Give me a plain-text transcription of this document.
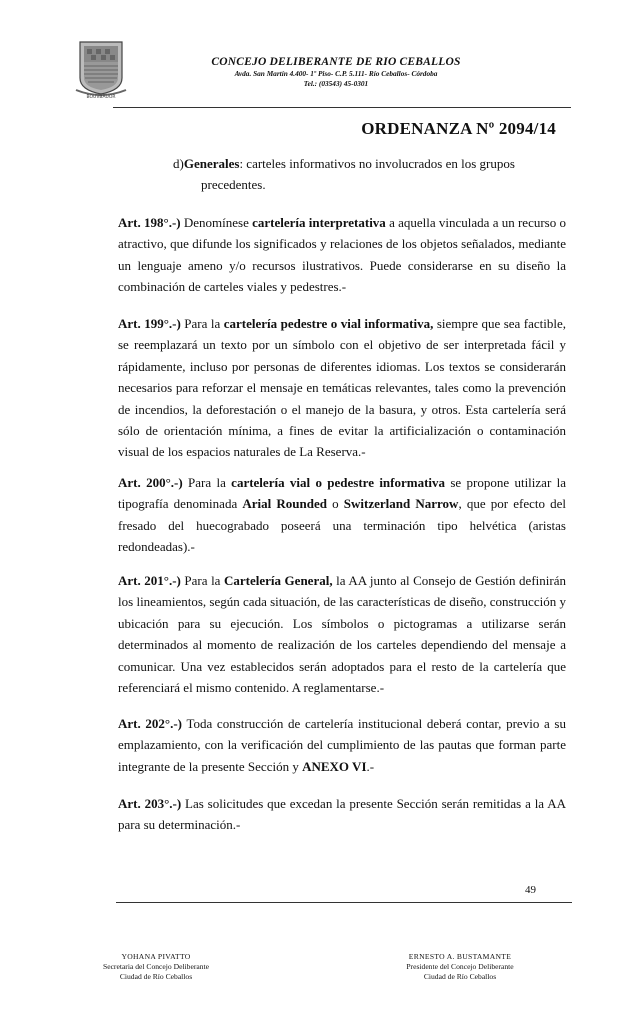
BOUVBAUOR
CONCEJO DELIBERANTE DE RIO CEBALLOS
Avda. San Martín 4.400- 1º Piso- C.P. 5.111- Río Ceballos- Córdoba
Tel.: (03543) 45-0301
ORDENANZA Nº 2094/14
d)Generales: carteles informativos no involucrados en los grupos
precedentes.
Art. 198°.-) Denomínese cartelería interpretativa a aquella vinculada a un recurso o atractivo, que difunde los significados y relaciones de los objetos señalados, mediante un lenguaje ameno y/o recursos ilustrativos. Puede considerarse en su diseño la combinación de carteles viales y pedestres.-
Art. 199°.-) Para la cartelería pedestre o vial informativa, siempre que sea factible, se reemplazará un texto por un símbolo con el objetivo de ser interpretada fácil y rápidamente, incluso por personas de diferentes idiomas. Los textos se considerarán necesarios para reforzar el mensaje en temáticas relevantes, tales como la prevención de incendios, la deforestación o el manejo de la basura, y otros. Esta cartelería será sólo de orientación mínima, a fines de evitar la artificialización o contaminación visual de los espacios naturales de La Reserva.-
Art. 200°.-) Para la cartelería vial o pedestre informativa se propone utilizar la tipografía denominada Arial Rounded o Switzerland Narrow, que por efecto del fresado del huecograbado poseerá una terminación tipo helvética (aristas redondeadas).-
Art. 201°.-) Para la Cartelería General, la AA junto al Consejo de Gestión definirán los lineamientos, según cada situación, de las características de diseño, construcción y ubicación para su ejecución. Los símbolos o pictogramas a utilizarse serán determinados al momento de realización de los carteles dependiendo del mensaje a comunicar. Una vez establecidos serán adoptados para el resto de la cartelería que referenciará el mismo contenido. A reglamentarse.-
Art. 202°.-) Toda construcción de cartelería institucional deberá contar, previo a su emplazamiento, con la verificación del cumplimiento de las pautas que forman parte integrante de la presente Sección y ANEXO VI.-
Art. 203°.-) Las solicitudes que excedan la presente Sección serán remitidas a la AA para su determinación.-
49
YOHANA PIVATTO
Secretaria del Concejo Deliberante
Ciudad de Río Ceballos
ERNESTO A. BUSTAMANTE
Presidente del Concejo Deliberante
Ciudad de Río Ceballos
